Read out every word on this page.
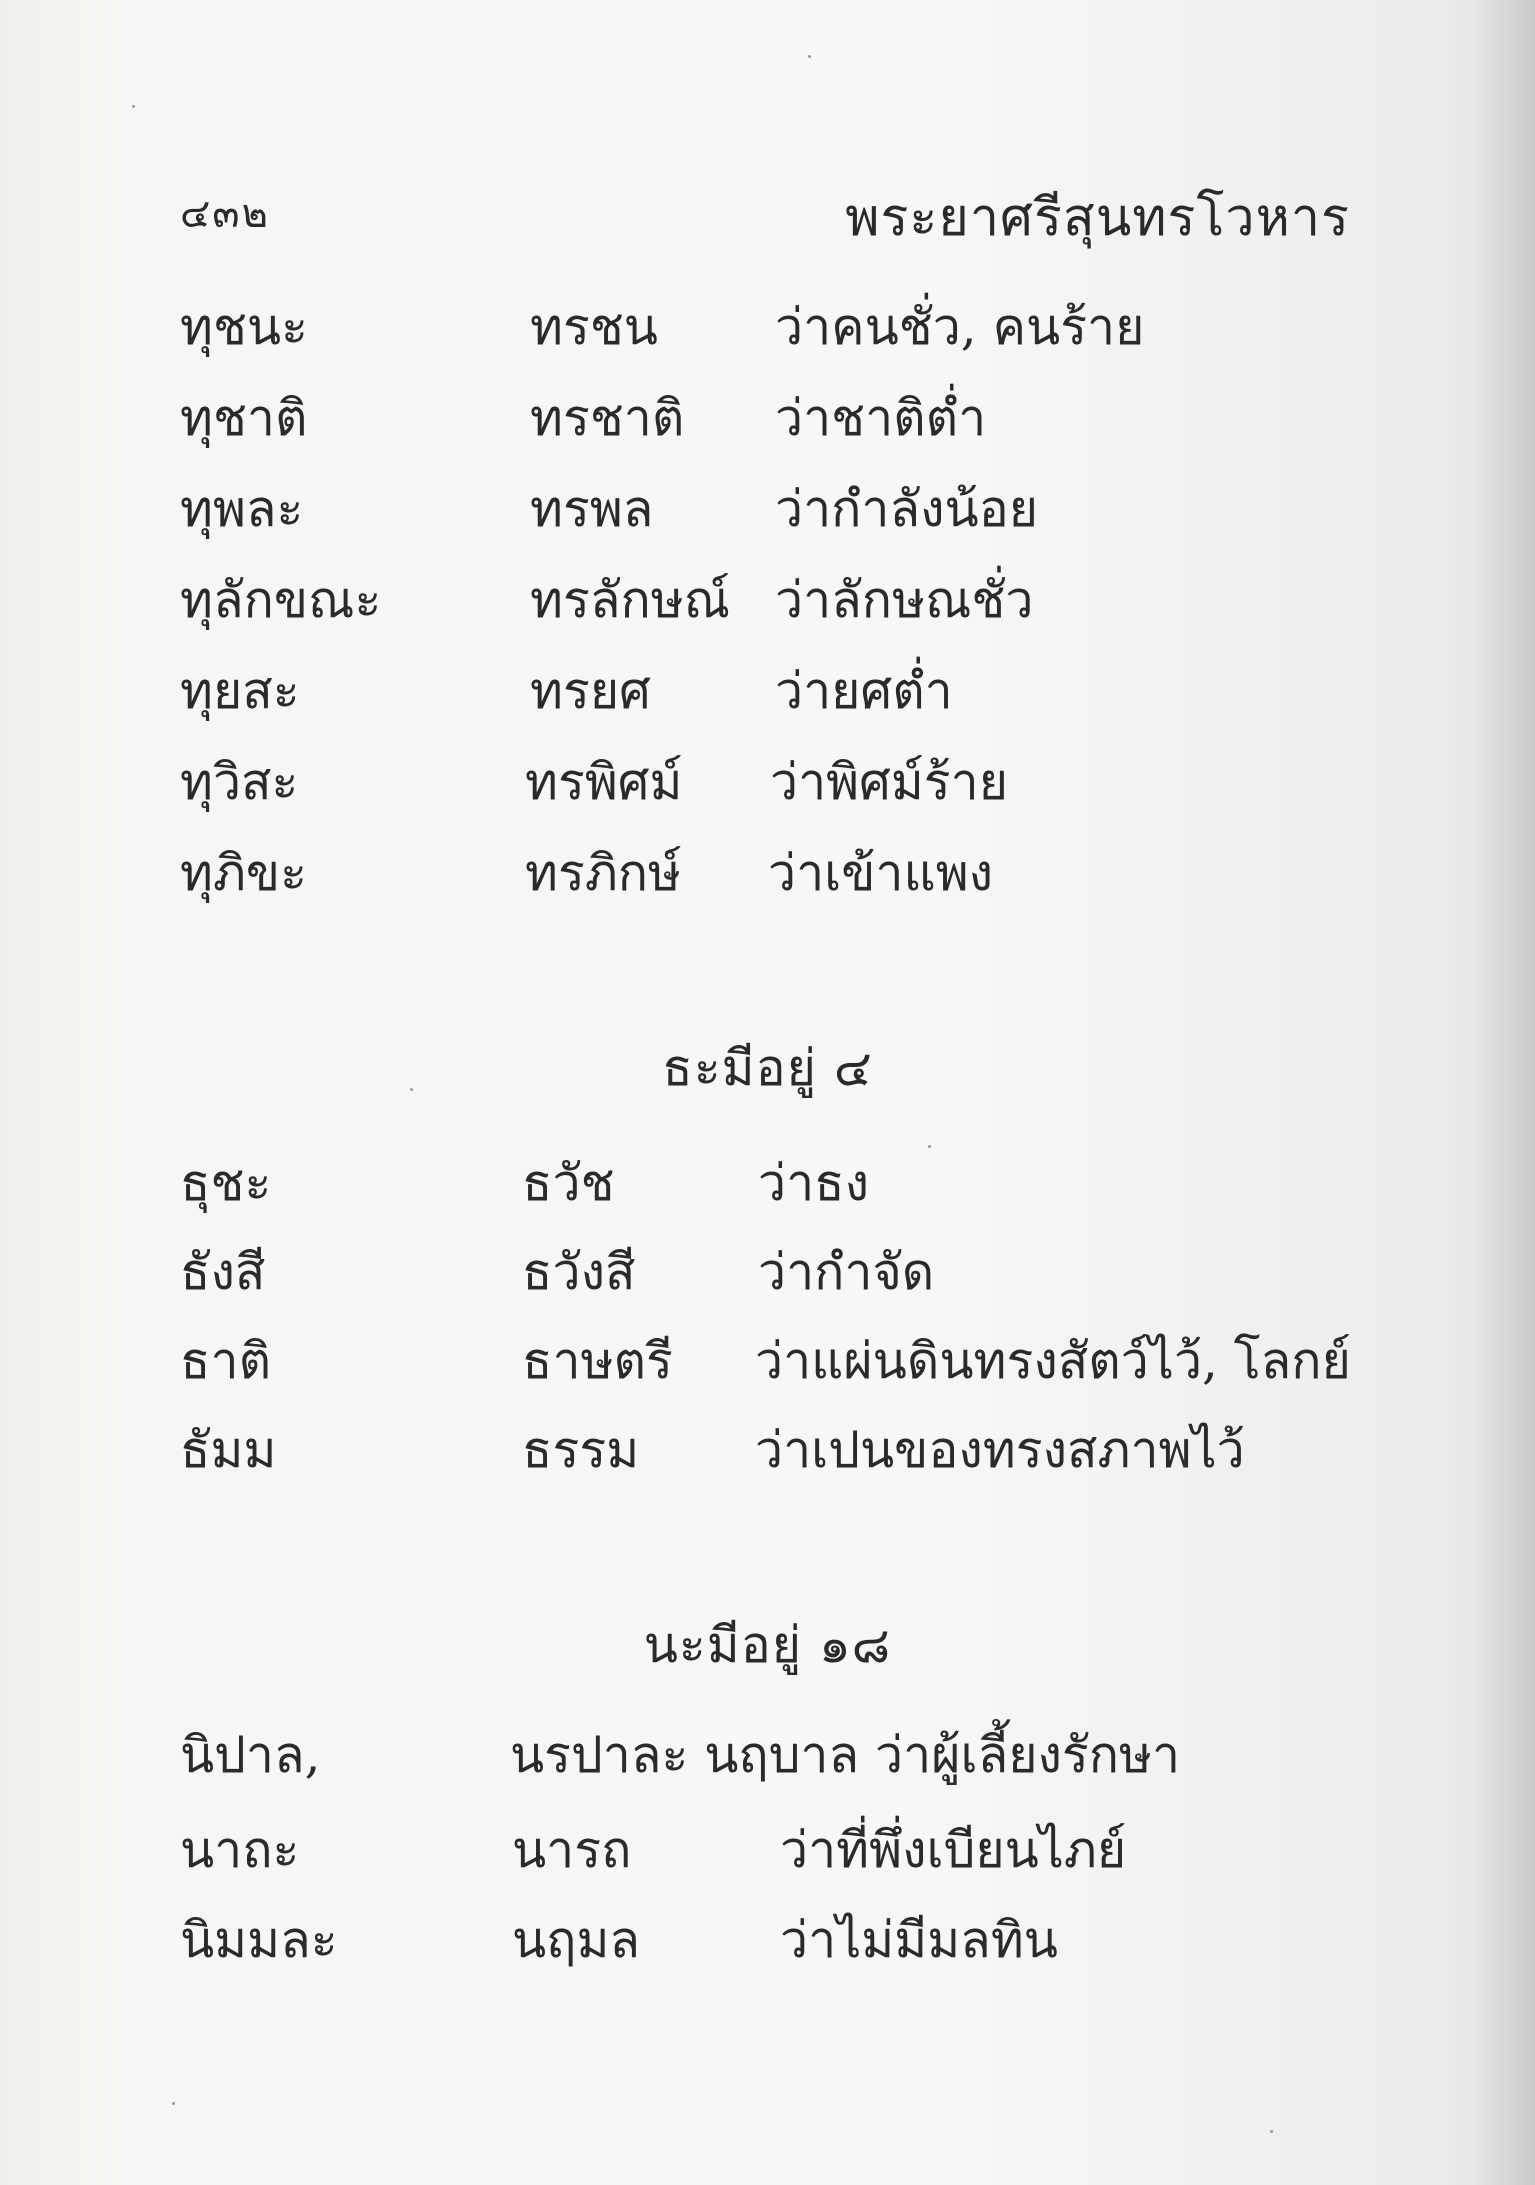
๔๓๒	พระยาศรีสุนทรโวหาร
ทุชนะ	ทรชน ว่าคนชั่ว, คนร้าย
ทุชาติ	ทรชาติ ว่าชาติต่ำ
ทุพละ	ทรพล ว่ากำลังน้อย
ทุลักขณะ	ทรลักษณ์ ว่าลักษณชั่ว
ทุยสะ	ทรยศ ว่ายศต่ำ
ทุวิสะ	ทรพิศม์ ว่าพิศม์ร้าย
ทุภิขะ	ทรภิกษ์ ว่าเข้าแพง
ธะมีอยู่ ๔
ธุชะ	ธวัช	ว่าธง
ธังสี	ธวังสี ว่ากำจัด
ธาติ	ธาษตรี ว่าแผ่นดินทรงสัตว์ไว้, โลกย์
ธัมม	ธรรม ว่าเปนของทรงสภาพไว้
นะมีอยู่ ๑๘
นิปาล,	นรปาละ นฤบาล ว่าผู้เลี้ยงรักษา
นาถะ	นารถ	ว่าที่พึ่งเบียนไภย์
นิมมละ	นฤมล	ว่าไม่มีมลทิน
